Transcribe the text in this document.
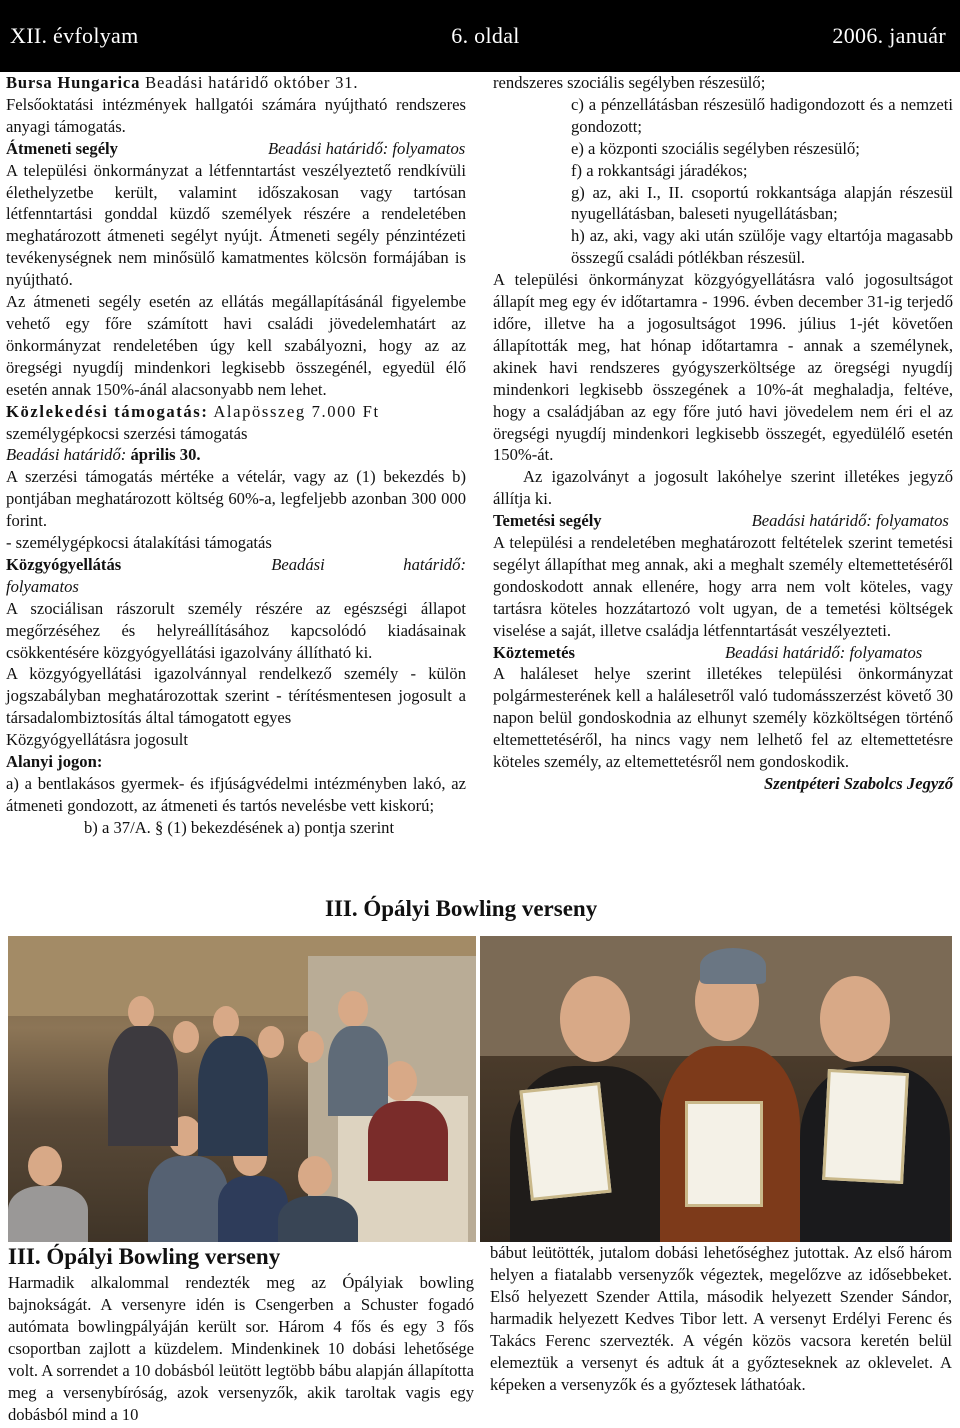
XII. évfolyam	6. oldal	2006. január

Bursa Hungarica Beadási határidő október 31.

Felsőoktatási intézmények hallgatói számára nyújtható rendszeres anyagi támogatás.

Átmeneti segély	Beadási határidő: folyamatos

A települési önkormányzat a létfenntartást veszélyeztető rendkívüli élethelyzetbe került, valamint időszakosan vagy tartósan létfenntartási gonddal küzdő személyek részére a rendeletében meghatározott átmeneti segélyt nyújt. Átmeneti segély pénzintézeti tevékenységnek nem minősülő kamatmentes kölcsön formájában is nyújtható.

Az átmeneti segély esetén az ellátás megállapításánál figyelembe vehető egy főre számított havi családi jövedelemhatárt az önkormányzat rendeletében úgy kell szabályozni, hogy az az öregségi nyugdíj mindenkori legkisebb összegénél, egyedül élő esetén annak 150%-ánál alacsonyabb nem lehet.

Közlekedési támogatás: Alapösszeg 7.000 Ft

személygépkocsi szerzési támogatás

Beadási határidő: április 30.

A szerzési támogatás mértéke a vételár, vagy az (1) bekezdés b) pontjában meghatározott költség 60%-a, legfeljebb azonban 300 000 forint.

- személygépkocsi átalakítási támogatás

Közgyógyellátás	Beadási határidő: folyamatos

A szociálisan rászorult személy részére az egészségi állapot megőrzéséhez és helyreállításához kapcsolódó kiadásainak csökkentésére közgyógyellátási igazolvány állítható ki.

A közgyógyellátási igazolvánnyal rendelkező személy - külön jogszabályban meghatározottak szerint - térítésmentesen jogosult a társadalombiztosítás által támogatott egyes

Közgyógyellátásra jogosult

Alanyi jogon:

a) a bentlakásos gyermek- és ifjúságvédelmi intézményben lakó, az átmeneti gondozott, az átmeneti és tartós nevelésbe vett kiskorú;

b) a 37/A. § (1) bekezdésének a) pontja szerint

rendszeres szociális segélyben részesülő;

c) a pénzellátásban részesülő hadigondozott és a nemzeti gondozott;

e) a központi szociális segélyben részesülő;

f) a rokkantsági járadékos;

g) az, aki I., II. csoportú rokkantsága alapján részesül nyugellátásban, baleseti nyugellátásban;

h) az, aki, vagy aki után szülője vagy eltartója magasabb összegű családi pótlékban részesül.

A települési önkormányzat közgyógyellátásra való jogosultságot állapít meg egy év időtartamra - 1996. évben december 31-ig terjedő időre, illetve ha a jogosultságot 1996. július 1-jét követően állapították meg, hat hónap időtartamra - annak a személynek, akinek havi rendszeres gyógyszerköltsége az öregségi nyugdíj mindenkori legkisebb összegének a 10%-át meghaladja, feltéve, hogy a családjában az egy főre jutó havi jövedelem nem éri el az öregségi nyugdíj mindenkori legkisebb összegét, egyedülélő esetén 150%-át.

Az igazolványt a jogosult lakóhelye szerint illetékes jegyző állítja ki.

Temetési segély	Beadási határidő: folyamatos

A települési a rendeletében meghatározott feltételek szerint temetési segélyt állapíthat meg annak, aki a meghalt személy eltemettetéséről gondoskodott annak ellenére, hogy arra nem volt köteles, vagy tartásra köteles hozzátartozó volt ugyan, de a temetési költségek viselése a saját, illetve családja létfenntartását veszélyezteti.

Köztemetés	Beadási határidő: folyamatos

A haláleset helye szerint illetékes települési önkormányzat polgármesterének kell a halálesetről való tudomásszerzést követő 30 napon belül gondoskodnia az elhunyt személy közköltségen történő eltemettetéséről, ha nincs vagy nem lelhető fel az eltemettetésre köteles személy, az eltemettetésről nem gondoskodik.

Szentpéteri Szabolcs Jegyző

III. Ópályi Bowling verseny
III. Ópályi Bowling verseny

Harmadik alkalommal rendezték meg az Ópályiak bowling bajnokságát. A versenyre idén is Csengerben a Schuster fogadó autómata bowlingpályáján került sor. Három 4 fős és egy 3 fős csoportban zajlott a küzdelem. Mindenkinek 10 dobási lehetősége volt. A sorrendet a 10 dobásból leütött legtöbb bábu alapján állapította meg a versenybíróság, azok versenyzők, akik taroltak vagis egy dobásból mind a 10

bábut leütötték, jutalom dobási lehetőséghez jutottak. Az első három helyen a fiatalabb versenyzők végeztek, megelőzve az idősebbeket. Első helyezett Szender Attila, második helyezett Szender Sándor, harmadik helyezett Kedves Tibor lett. A versenyt Erdélyi Ferenc és Takács Ferenc szervezték. A végén közös vacsora keretén belül elemeztük a versenyt és adtuk át a győzteseknek az oklevelet. A képeken a versenyzők és a győztesek láthatóak.
